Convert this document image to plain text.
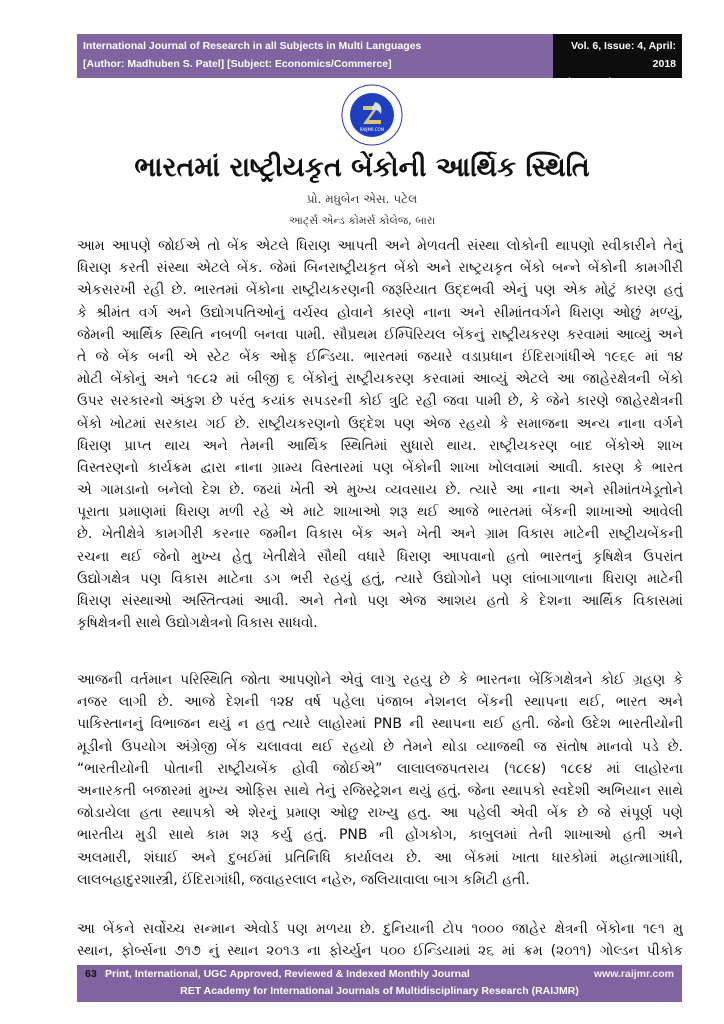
International Journal of Research in all Subjects in Multi Languages
[Author: Madhuben S. Patel] [Subject: Economics/Commerce]
Vol. 6, Issue: 4, April: 2018
(IJRSML) ISSN: 2321 - 2853
RAIJMR.COM
ભારતમાં રાષ્ટ્રીયકૃત બેંકોની આર્થિક સ્થિતિ
પ્રો. મધુબેન એસ. પટેલ
આર્ટ્સ એન્ડ કોમર્સ કોલેજ, બારા
આમ આપણે જોઈએ તો બેંક એટલે ધિરાણ આપતી અને મેળવતી સંસ્થા લોકોની થાપણો સ્વીકારીને તેનું
ધિરાણ કરતી સંસ્થા એટલે બેંક. જેમાં બિનરાષ્ટ્રીયકૃત બેંકો અને રાષ્ટ્રયકૃત બેંકો બન્ને બેંકોની કામગીરી
એકસરખી રહી છે. ભારતમાં બેંકોના રાષ્ટ્રીયકરણની જરૂરિયાત ઉદ્દભવી એનું પણ એક મોટું કારણ હતું
કે શ્રીમંત વર્ગ અને ઉદ્યોગપતિઓનું વર્ચસ્વ હોવાને કારણે નાના અને સીમાંતવર્ગને ધિરાણ ઓછું મળ્યું,
જેમની આર્થિક સ્થિતિ નબળી બનવા પામી. સૌપ્રથમ ઈમ્પિરિયલ બેંકનું રાષ્ટ્રીયકરણ કરવામાં આવ્યું અને
તે જે બેંક બની એ સ્ટેટ બેંક ઓફ ઈન્ડિયા. ભારતમાં જયારે વડાપ્રધાન ઈંદિરાગાંધીએ ૧૯૬૯ માં ૧૪
મોટી બેંકોનું અને ૧૯૮૨ માં બીજી ૬ બેંકોનું રાષ્ટ્રીયકરણ કરવામાં આવ્યું એટલે આ જાહેરક્ષેત્રની બેંકો
ઉપર સરકારનો અંકુશ છે પરંતુ કયાંક સપડરની કોઈ ત્રુટિ રહી જવા પામી છે, કે જેને કારણે જાહેરક્ષેત્રની
બેંકો ખોટમાં સરકાય ગઈ છે. રાષ્ટ્રીયકરણનો ઉદ્દેશ પણ એજ રહયો કે સમાજના અન્ય નાના વર્ગને
ધિરાણ પ્રાપ્ત થાય અને તેમની આર્થિક સ્થિતિમાં સુધારો થાય. રાષ્ટ્રીયકરણ બાદ બેંકોએ શાખ
વિસ્તરણનો કાર્યક્રમ દ્વારા નાના ગ્રામ્ય વિસ્તારમાં પણ બેંકોની શાખા ખોલવામાં આવી. કારણ કે ભારત
એ ગામડાનો બનેલો દેશ છે. જયાં ખેતી એ મુખ્ય વ્યવસાય છે. ત્યારે આ નાના અને સીમાંતખેડૂતોને
પૂરાતા પ્રમાણમાં ધિરાણ મળી રહે એ માટે શાખાઓ શરૂ થઈ આજે ભારતમાં બેંકની શાખાઓ આવેલી
છે. ખેતીક્ષેત્રે કામગીરી કરનાર જમીન વિકાસ બેંક અને ખેતી અને ગ્રામ વિકાસ માટેની રાષ્ટ્રીયબેંકની
રચના થઈ જેનો મુખ્ય હેતુ ખેતીક્ષેત્રે સૌથી વધારે ધિરાણ આપવાનો હતો ભારતનું કૃષિક્ષેત્ર ઉપરાંત
ઉદ્યોગક્ષેત્ર પણ વિકાસ માટેના ડગ ભરી રહયું હતું, ત્યારે ઉદ્યોગોને પણ લાંબાગાળાના ધિરાણ માટેની
ધિરાણ સંસ્થાઓ અસ્તિત્વમાં આવી. અને તેનો પણ એજ આશય હતો કે દેશના આર્થિક વિકાસમાં
કૃષિક્ષેત્રની સાથે ઉદ્યોગક્ષેત્રનો વિકાસ સાધવો.
આજની વર્તમાન પરિસ્થિતિ જોતા આપણોને એવું લાગુ રહયુ છે કે ભારતના બેંકિંગક્ષેત્રને કોઈ ગ્રહણ કે
નજર લાગી છે. આજે દેશની ૧૨૪ વર્ષ પહેલા પંજાબ નેશનલ બેંકની સ્થાપના થઈ, ભારત અને
પાકિસ્તાનનું વિભાજન થયું ન હતુ ત્યારે લાહોરમાં PNB ની સ્થાપના થઈ હતી. જેનો ઉદેશ ભારતીયોની
મૂડીનો ઉપયોગ અંગ્રેજી બેંક ચલાવવા થઈ રહયો છે તેમને થોડા વ્યાજથી જ સંતોષ માનવો પડે છે.
“ભારતીયોની પોતાની રાષ્ટ્રીયબેંક હોવી જોઈએ” લાલાલજપતરાય (૧૮૯૪) ૧૮૯૪ માં લાહોરના
અનારકતી બજારમાં મુખ્ય ઓફિસ સાથે તેનું રજિસ્ટ્રેશન થયું હતું. જેના સ્થાપકો સ્વદેશી અભિયાન સાથે
જોડાયેલા હતા સ્થાપકો એ શેરનું પ્રમાણ ઓછુ રાખ્યુ હતુ. આ પહેલી એવી બેંક છે જે સંપૂર્ણ પણે
ભારતીય મુડી સાથે કામ શરૂ કર્યુ હતું. PNB ની હોંગકોગ, કાબુલમાં તેની શાખાઓ હતી અને
અલમારી, શંઘાઈ અને દુબઈમાં પ્રતિનિધિ કાર્યાલય છે. આ બેંકમાં ખાતા ધારકોમાં મહાત્માગાંધી,
લાલબહાદુરશાસ્ત્રી, ઈંદિરાગાંધી, જવાહરલાલ નહેરુ, જલિયાવાલા બાગ કમિટી હતી.
આ બેંકને સર્વોચ્ચ સન્માન એવોર્ડ પણ મળયા છે. દુનિયાની ટોપ ૧૦૦૦ જાહેર ક્ષેત્રની બેંકોના ૧૯૧ મુ
સ્થાન, ફોર્બ્સના ૭૧૭ નું સ્થાન ૨૦૧૩ ના ફોર્ચ્યુન ૫૦૦ ઈન્ડિયામાં ૨૬ માં ક્રમ (૨૦૧૧) ગોલ્ડન પીકોક
63 Print, International, UGC Approved, Reviewed & Indexed Monthly Journal	www.raijmr.com
RET Academy for International Journals of Multidisciplinary Research (RAIJMR)
